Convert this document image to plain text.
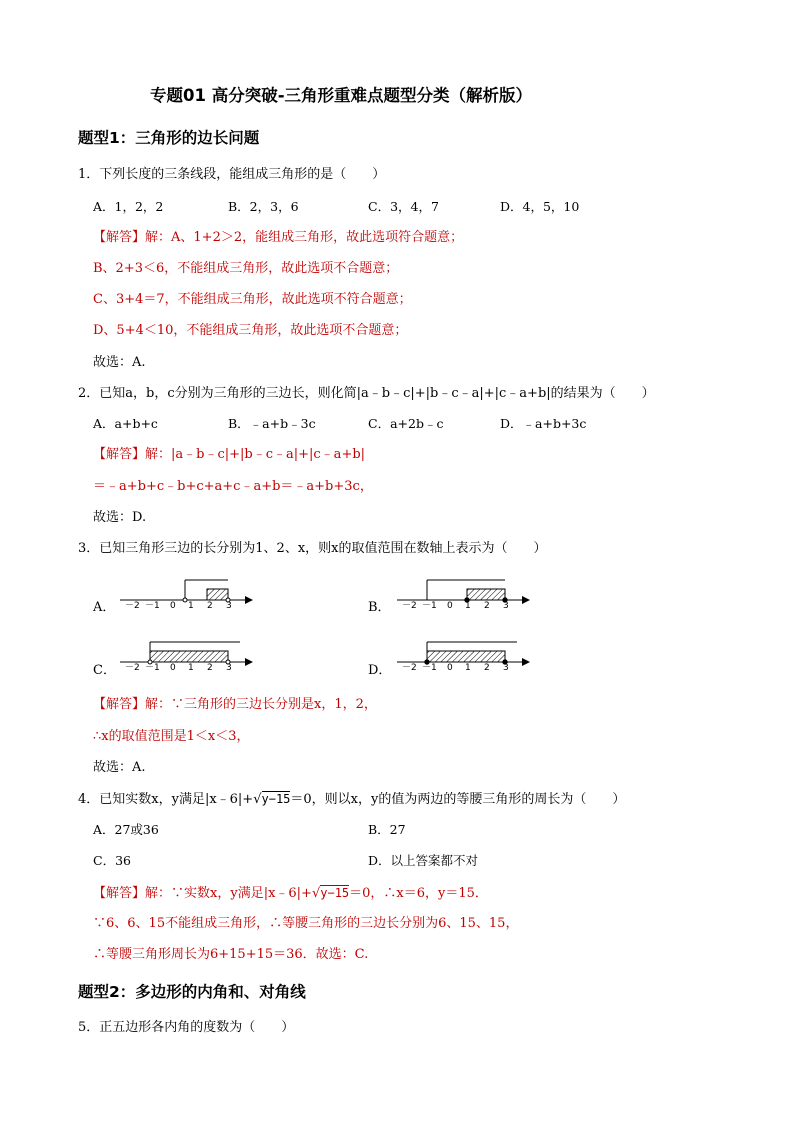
专题01 高分突破-三角形重难点题型分类（解析版）
题型1：三角形的边长问题
1．下列长度的三条线段，能组成三角形的是（　　）
A．1，2，2	B．2，3，6	C．3，4，7	D．4，5，10
【解答】解：A、1+2＞2，能组成三角形，故此选项符合题意；
B、2+3＜6，不能组成三角形，故此选项不合题意；
C、3+4＝7，不能组成三角形，故此选项不符合题意；
D、5+4＜10，不能组成三角形，故此选项不合题意；
故选：A.
2．已知a，b，c分别为三角形的三边长，则化简|a﹣b﹣c|+|b﹣c﹣a|+|c﹣a+b|的结果为（　　）
A．a+b+c	B．﹣a+b﹣3c	C．a+2b﹣c	D．﹣a+b+3c
【解答】解：|a﹣b﹣c|+|b﹣c﹣a|+|c﹣a+b|
＝﹣a+b+c﹣b+c+a+c﹣a+b＝﹣a+b+3c，
故选：D.
3．已知三角形三边的长分别为1、2、x，则x的取值范围在数轴上表示为（　　）
A． －2 －1 0 1 2 3	B． －2 －1 0 1 2 3
C． －2 －1 0 1 2 3	D． －2 －1 0 1 2 3
【解答】解：∵三角形的三边长分别是x，1，2，
∴x的取值范围是1＜x＜3，
故选：A.
4．已知实数x，y满足|x﹣6|+√y−15＝0，则以x，y的值为两边的等腰三角形的周长为（　　）
A．27或36	B．27
C．36	D．以上答案都不对
【解答】解：∵实数x，y满足|x﹣6|+√y−15＝0，∴x＝6，y＝15．
∵6、6、15不能组成三角形，∴等腰三角形的三边长分别为6、15、15，
∴等腰三角形周长为6+15+15＝36．故选：C.
题型2：多边形的内角和、对角线
5．正五边形各内角的度数为（　　）
